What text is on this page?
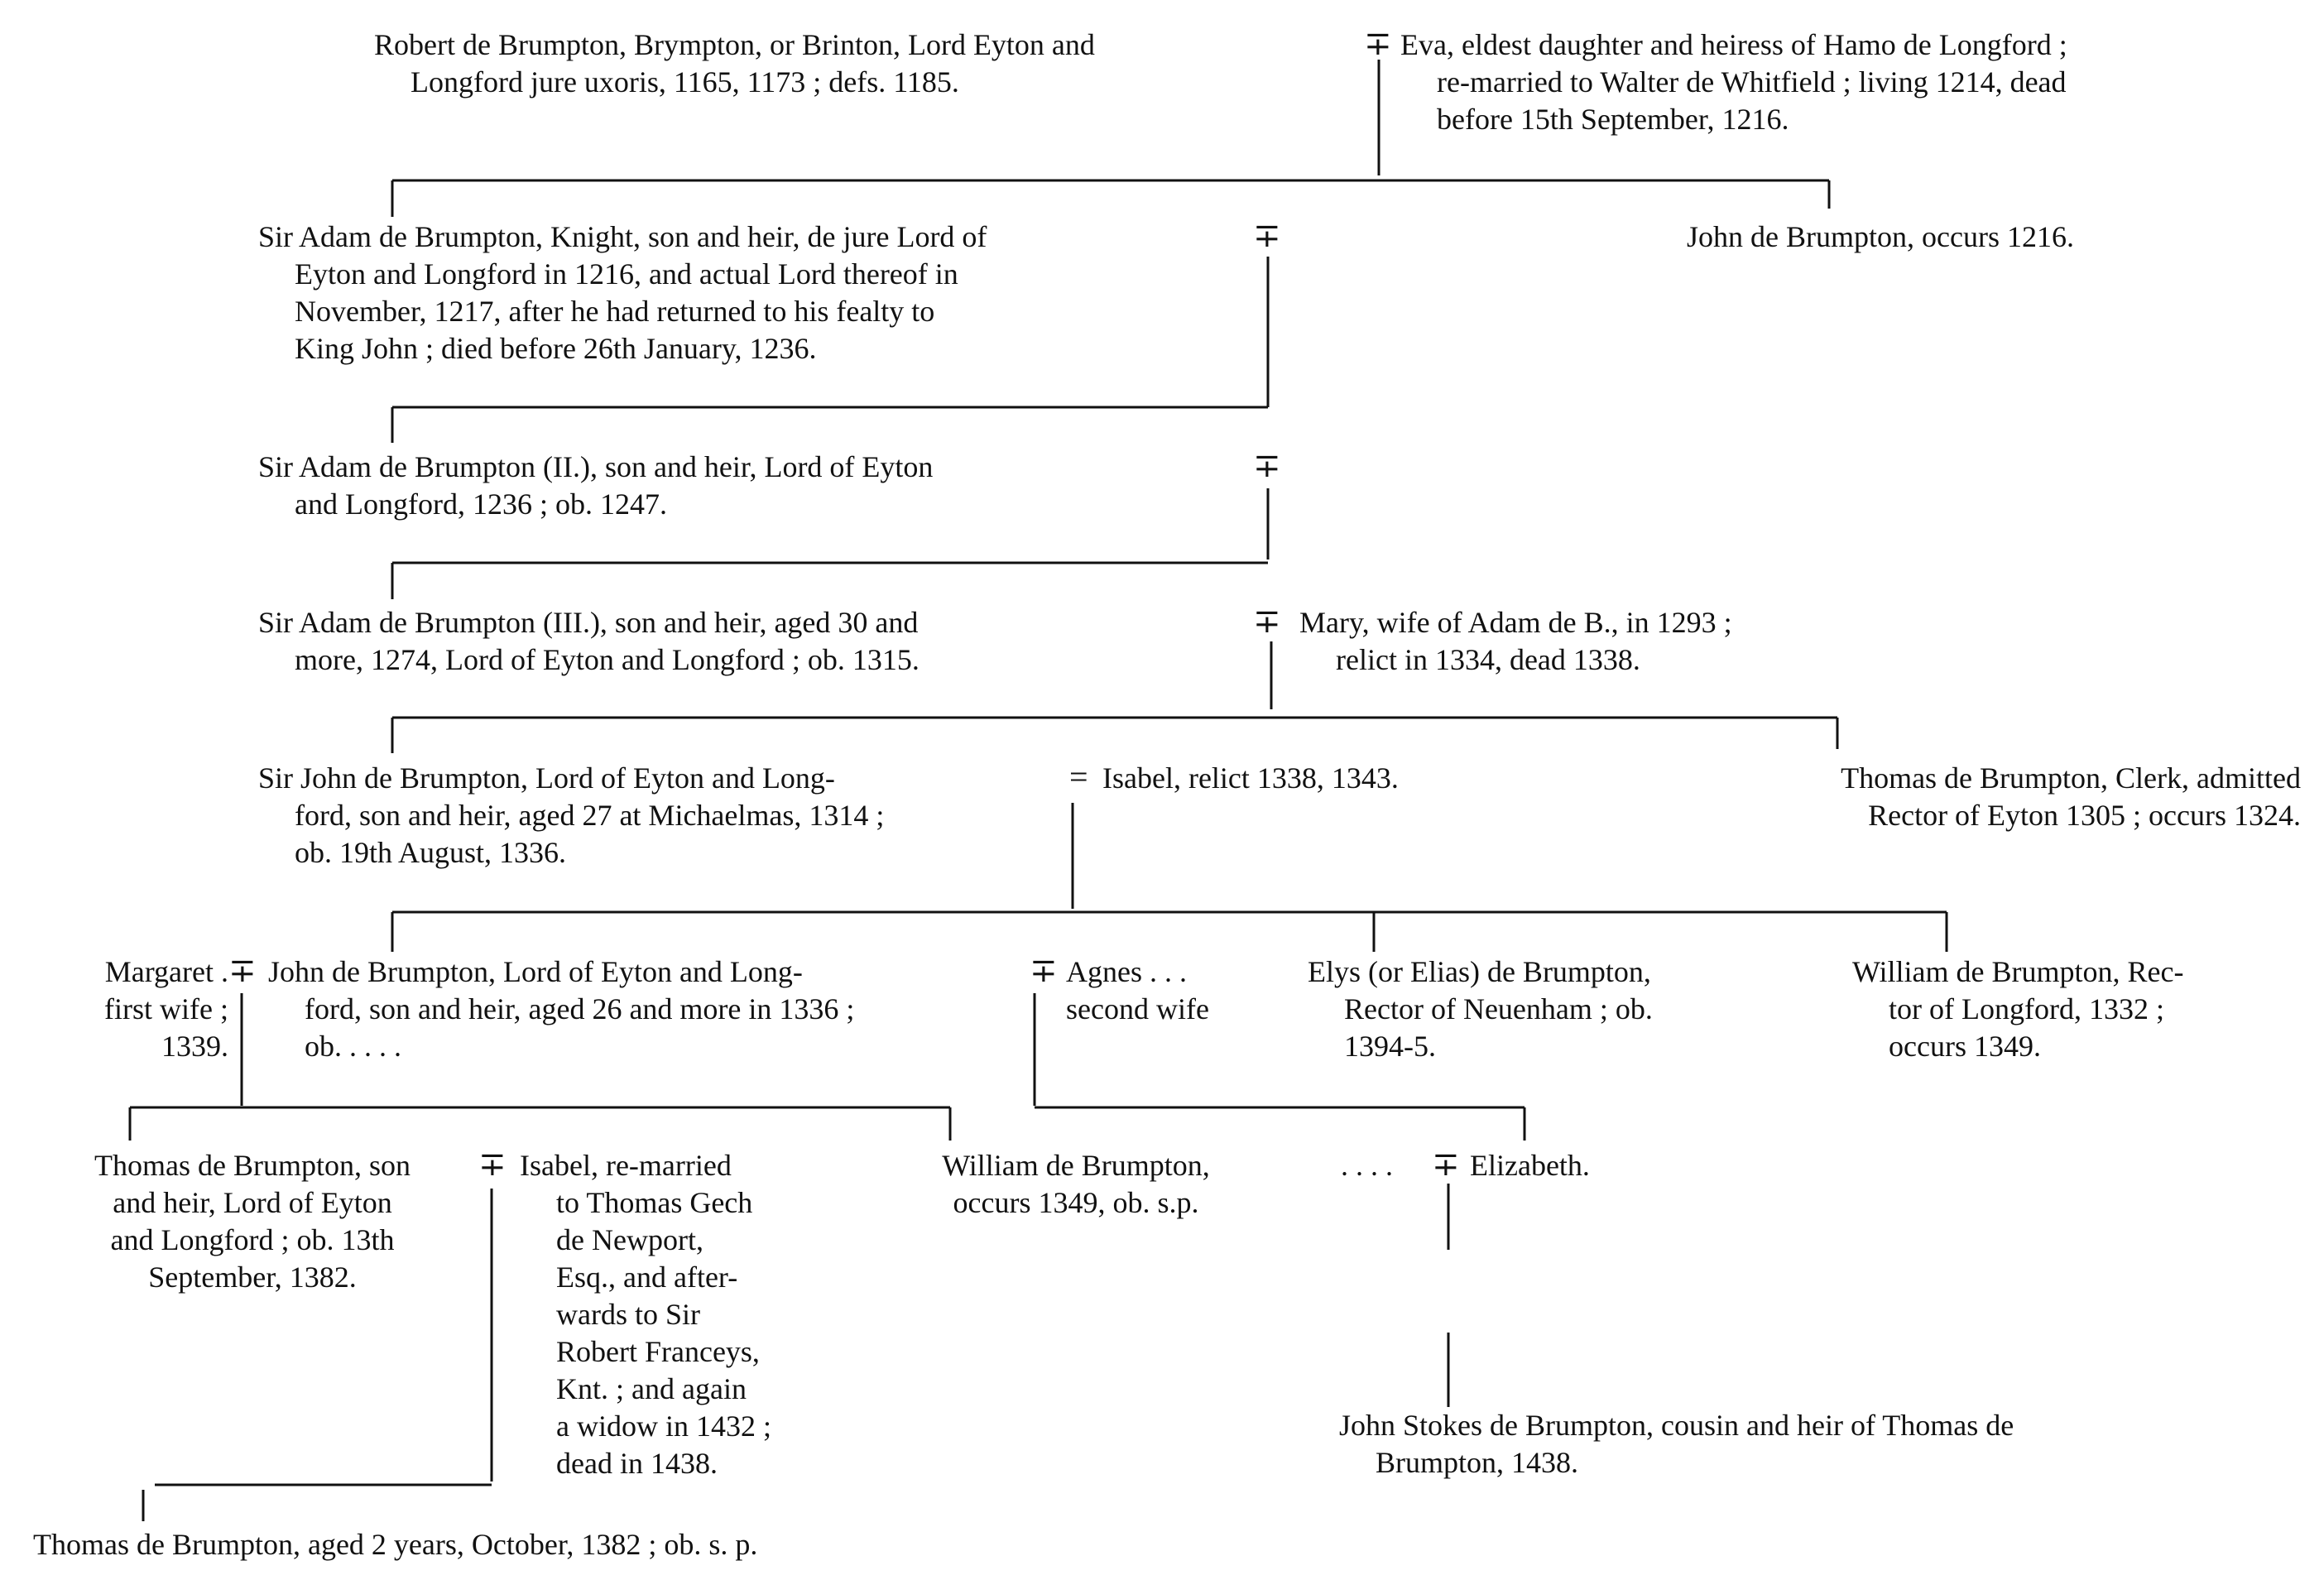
Robert de Brumpton, Brympton, or Brinton, Lord Eyton and
Longford jure uxoris, 1165, 1173 ; defs. 1185.
∓ Eva, eldest daughter and heiress of Hamo de Longford ;
re-married to Walter de Whitfield ; living 1214, dead
before 15th September, 1216.
Sir Adam de Brumpton, Knight, son and heir, de jure Lord of
Eyton and Longford in 1216, and actual Lord thereof in
November, 1217, after he had returned to his fealty to
King John ; died before 26th January, 1236.
∓	John de Brumpton, occurs 1216.
Sir Adam de Brumpton (II.), son and heir, Lord of Eyton
and Longford, 1236 ; ob. 1247.
∓
Sir Adam de Brumpton (III.), son and heir, aged 30 and
more, 1274, Lord of Eyton and Longford ; ob. 1315.
∓ Mary, wife of Adam de B., in 1293 ;
relict in 1334, dead 1338.
Sir John de Brumpton, Lord of Eyton and Long-
ford, son and heir, aged 27 at Michaelmas, 1314 ;
ob. 19th August, 1336.
= Isabel, relict 1338, 1343.	Thomas de Brumpton, Clerk, admitted
Rector of Eyton 1305 ; occurs 1324.
Margaret .
first wife ;
1339.
∓ John de Brumpton, Lord of Eyton and Long-
ford, son and heir, aged 26 and more in 1336 ;
ob. . . . .
∓ Agnes . . .
second wife
Elys (or Elias) de Brumpton,
Rector of Neuenham ; ob.
1394-5.
William de Brumpton, Rec-
tor of Longford, 1332 ;
occurs 1349.
Thomas de Brumpton, son
and heir, Lord of Eyton
and Longford ; ob. 13th
September, 1382.
∓ Isabel, re-married
to Thomas Gech
de Newport,
Esq., and after-
wards to Sir
Robert Franceys,
Knt. ; and again
a widow in 1432 ;
dead in 1438.
William de Brumpton,
occurs 1349, ob. s.p.
. . . . ∓ Elizabeth.
Thomas de Brumpton, aged 2 years, October, 1382 ; ob. s. p.
John Stokes de Brumpton, cousin and heir of Thomas de
Brumpton, 1438.
